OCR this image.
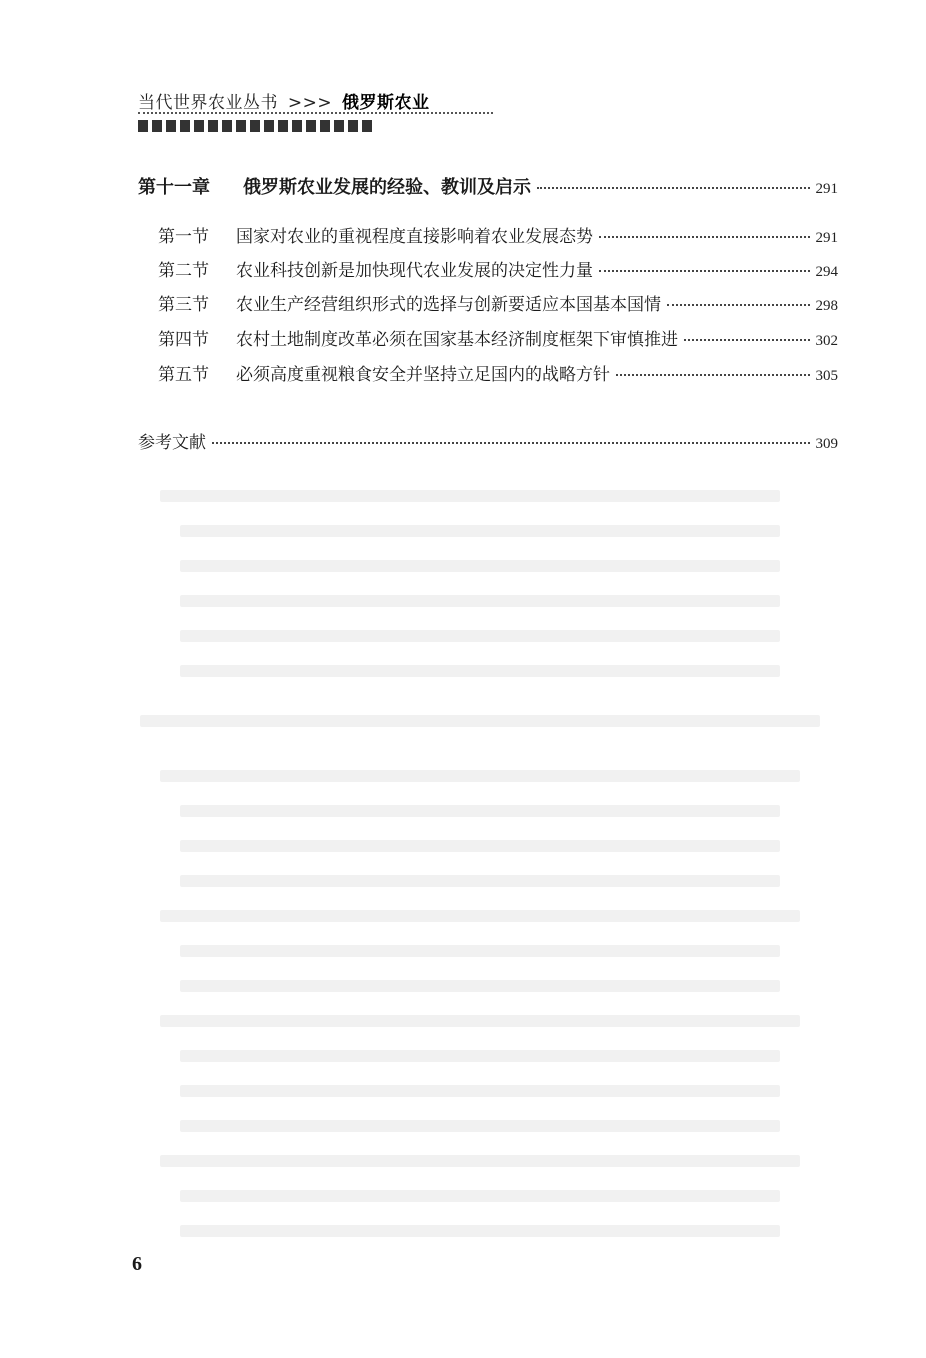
当代世界农业丛书 >>> 俄罗斯农业
第十一章	俄罗斯农业发展的经验、教训及启示	291
第一节	国家对农业的重视程度直接影响着农业发展态势	291
第二节	农业科技创新是加快现代农业发展的决定性力量	294
第三节	农业生产经营组织形式的选择与创新要适应本国基本国情	298
第四节	农村土地制度改革必须在国家基本经济制度框架下审慎推进	302
第五节	必须高度重视粮食安全并坚持立足国内的战略方针	305
参考文献	309
6
